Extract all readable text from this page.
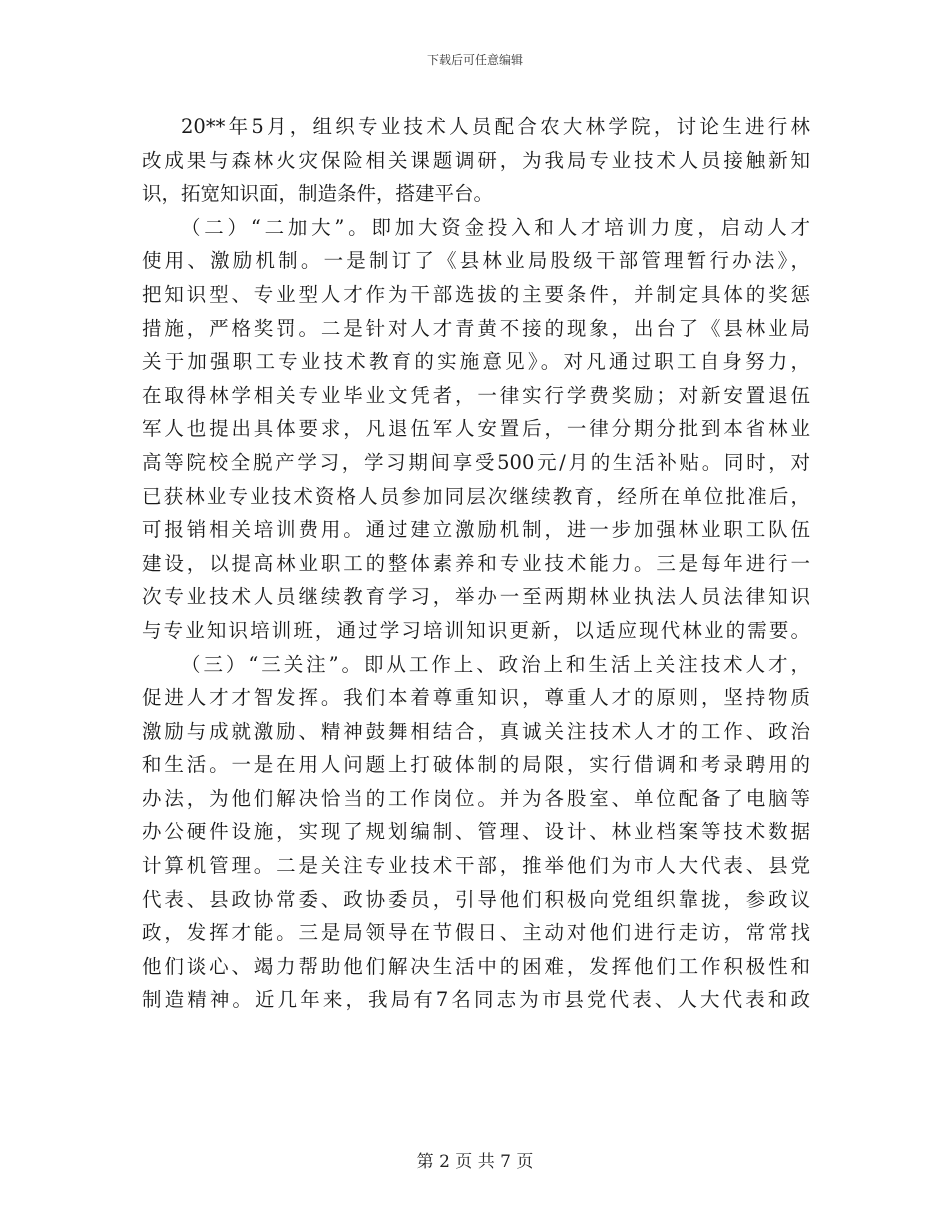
下载后可任意编辑
20**年5月，组织专业技术人员配合农大林学院，讨论生进行林
改成果与森林火灾保险相关课题调研，为我局专业技术人员接触新知
识，拓宽知识面，制造条件，搭建平台。
（二）“二加大”。即加大资金投入和人才培训力度，启动人才
使用、激励机制。一是制订了《县林业局股级干部管理暂行办法》，
把知识型、专业型人才作为干部选拔的主要条件，并制定具体的奖惩
措施，严格奖罚。二是针对人才青黄不接的现象，出台了《县林业局
关于加强职工专业技术教育的实施意见》。对凡通过职工自身努力，
在取得林学相关专业毕业文凭者，一律实行学费奖励；对新安置退伍
军人也提出具体要求，凡退伍军人安置后，一律分期分批到本省林业
高等院校全脱产学习，学习期间享受500元/月的生活补贴。同时，对
已获林业专业技术资格人员参加同层次继续教育，经所在单位批准后，
可报销相关培训费用。通过建立激励机制，进一步加强林业职工队伍
建设，以提高林业职工的整体素养和专业技术能力。三是每年进行一
次专业技术人员继续教育学习，举办一至两期林业执法人员法律知识
与专业知识培训班，通过学习培训知识更新，以适应现代林业的需要。
（三）“三关注”。即从工作上、政治上和生活上关注技术人才，
促进人才才智发挥。我们本着尊重知识，尊重人才的原则，坚持物质
激励与成就激励、精神鼓舞相结合，真诚关注技术人才的工作、政治
和生活。一是在用人问题上打破体制的局限，实行借调和考录聘用的
办法，为他们解决恰当的工作岗位。并为各股室、单位配备了电脑等
办公硬件设施，实现了规划编制、管理、设计、林业档案等技术数据
计算机管理。二是关注专业技术干部，推举他们为市人大代表、县党
代表、县政协常委、政协委员，引导他们积极向党组织靠拢，参政议
政，发挥才能。三是局领导在节假日、主动对他们进行走访，常常找
他们谈心、竭力帮助他们解决生活中的困难，发挥他们工作积极性和
制造精神。近几年来，我局有7名同志为市县党代表、人大代表和政
第 2 页 共 7 页
